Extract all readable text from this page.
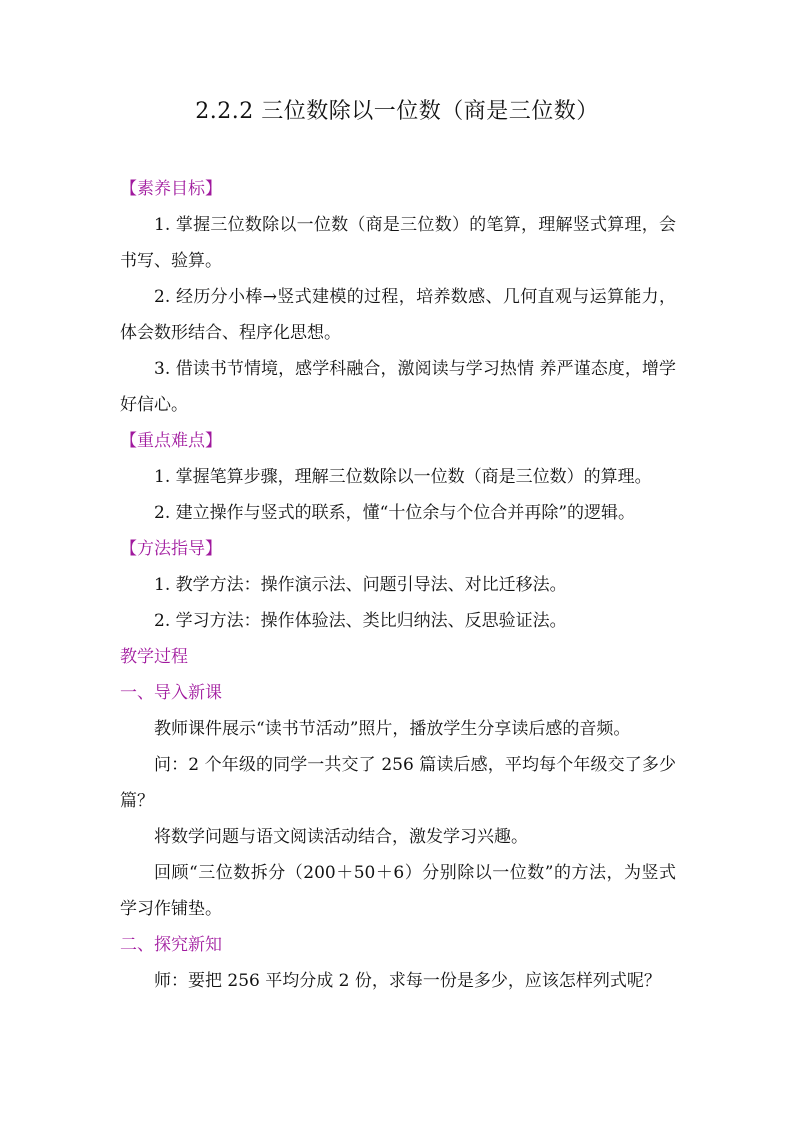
2.2.2 三位数除以一位数（商是三位数）

【素养目标】

1. 掌握三位数除以一位数（商是三位数）的笔算，理解竖式算理，会书写、验算。

2. 经历分小棒→竖式建模的过程，培养数感、几何直观与运算能力，体会数形结合、程序化思想。

3. 借读书节情境，感学科融合，激阅读与学习热情 养严谨态度，增学好信心。

【重点难点】

1. 掌握笔算步骤，理解三位数除以一位数（商是三位数）的算理。

2. 建立操作与竖式的联系，懂“十位余与个位合并再除”的逻辑。

【方法指导】

1. 教学方法：操作演示法、问题引导法、对比迁移法。

2. 学习方法：操作体验法、类比归纳法、反思验证法。

教学过程

一、导入新课

教师课件展示“读书节活动”照片，播放学生分享读后感的音频。

问：2 个年级的同学一共交了 256 篇读后感，平均每个年级交了多少篇？

将数学问题与语文阅读活动结合，激发学习兴趣。

回顾“三位数拆分（200＋50＋6）分别除以一位数”的方法，为竖式学习作铺垫。

二、探究新知

师：要把 256 平均分成 2 份，求每一份是多少，应该怎样列式呢？
